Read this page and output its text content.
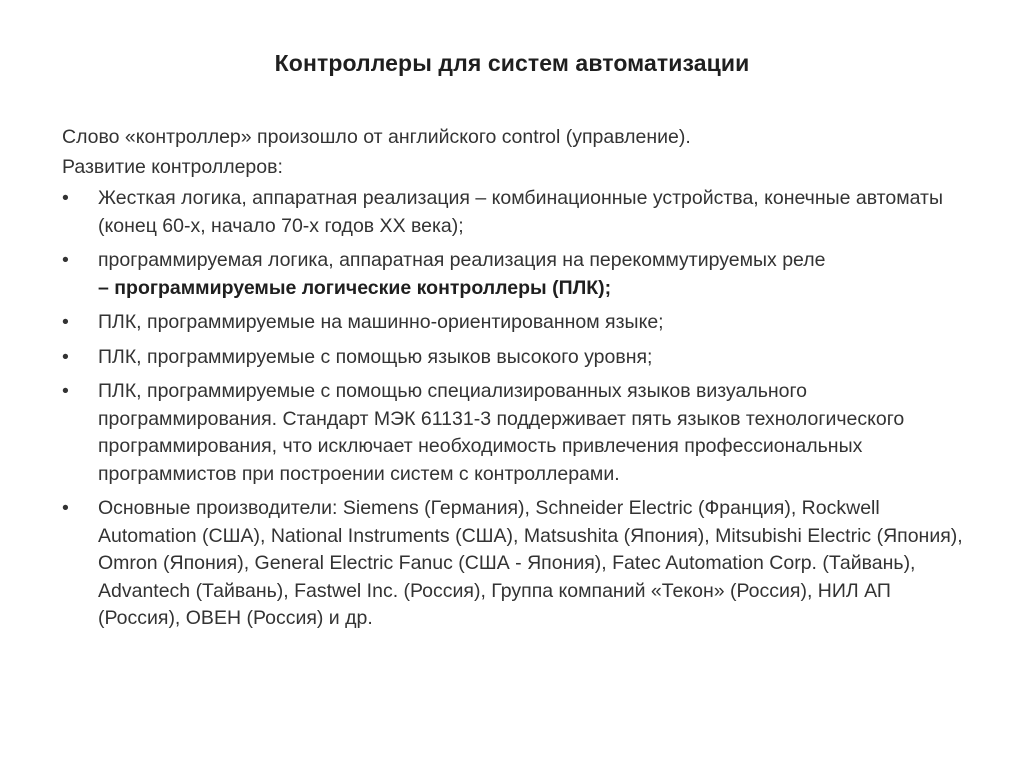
Контроллеры для систем автоматизации

Слово «контроллер» произошло от английского control (управление).

Развитие контроллеров:

•	Жесткая логика, аппаратная реализация – комбинационные устройства, конечные автоматы (конец 60-х, начало 70-х годов XX века);
•	программируемая логика, аппаратная реализация на перекоммутируемых реле
– программируемые логические контроллеры (ПЛК);
•	ПЛК, программируемые на машинно-ориентированном языке;
•	ПЛК, программируемые с помощью языков высокого уровня;
•	ПЛК, программируемые с помощью специализированных языков визуального программирования. Стандарт МЭК 61131-3 поддерживает пять языков технологического программирования, что исключает необходимость привлечения профессиональных программистов при построении систем с контроллерами.
•	Основные производители: Siemens (Германия), Schneider Electric (Франция), Rockwell Automation (США), National Instruments (США), Matsushita (Япония), Mitsubishi Electric (Япония), Omron (Япония), General Electric Fanuc (США - Япония), Fatec Automation Corp. (Тайвань), Advantech (Тайвань), Fastwel Inc. (Россия), Группа компаний «Текон» (Россия), НИЛ АП (Россия), ОВЕН (Россия) и др.
